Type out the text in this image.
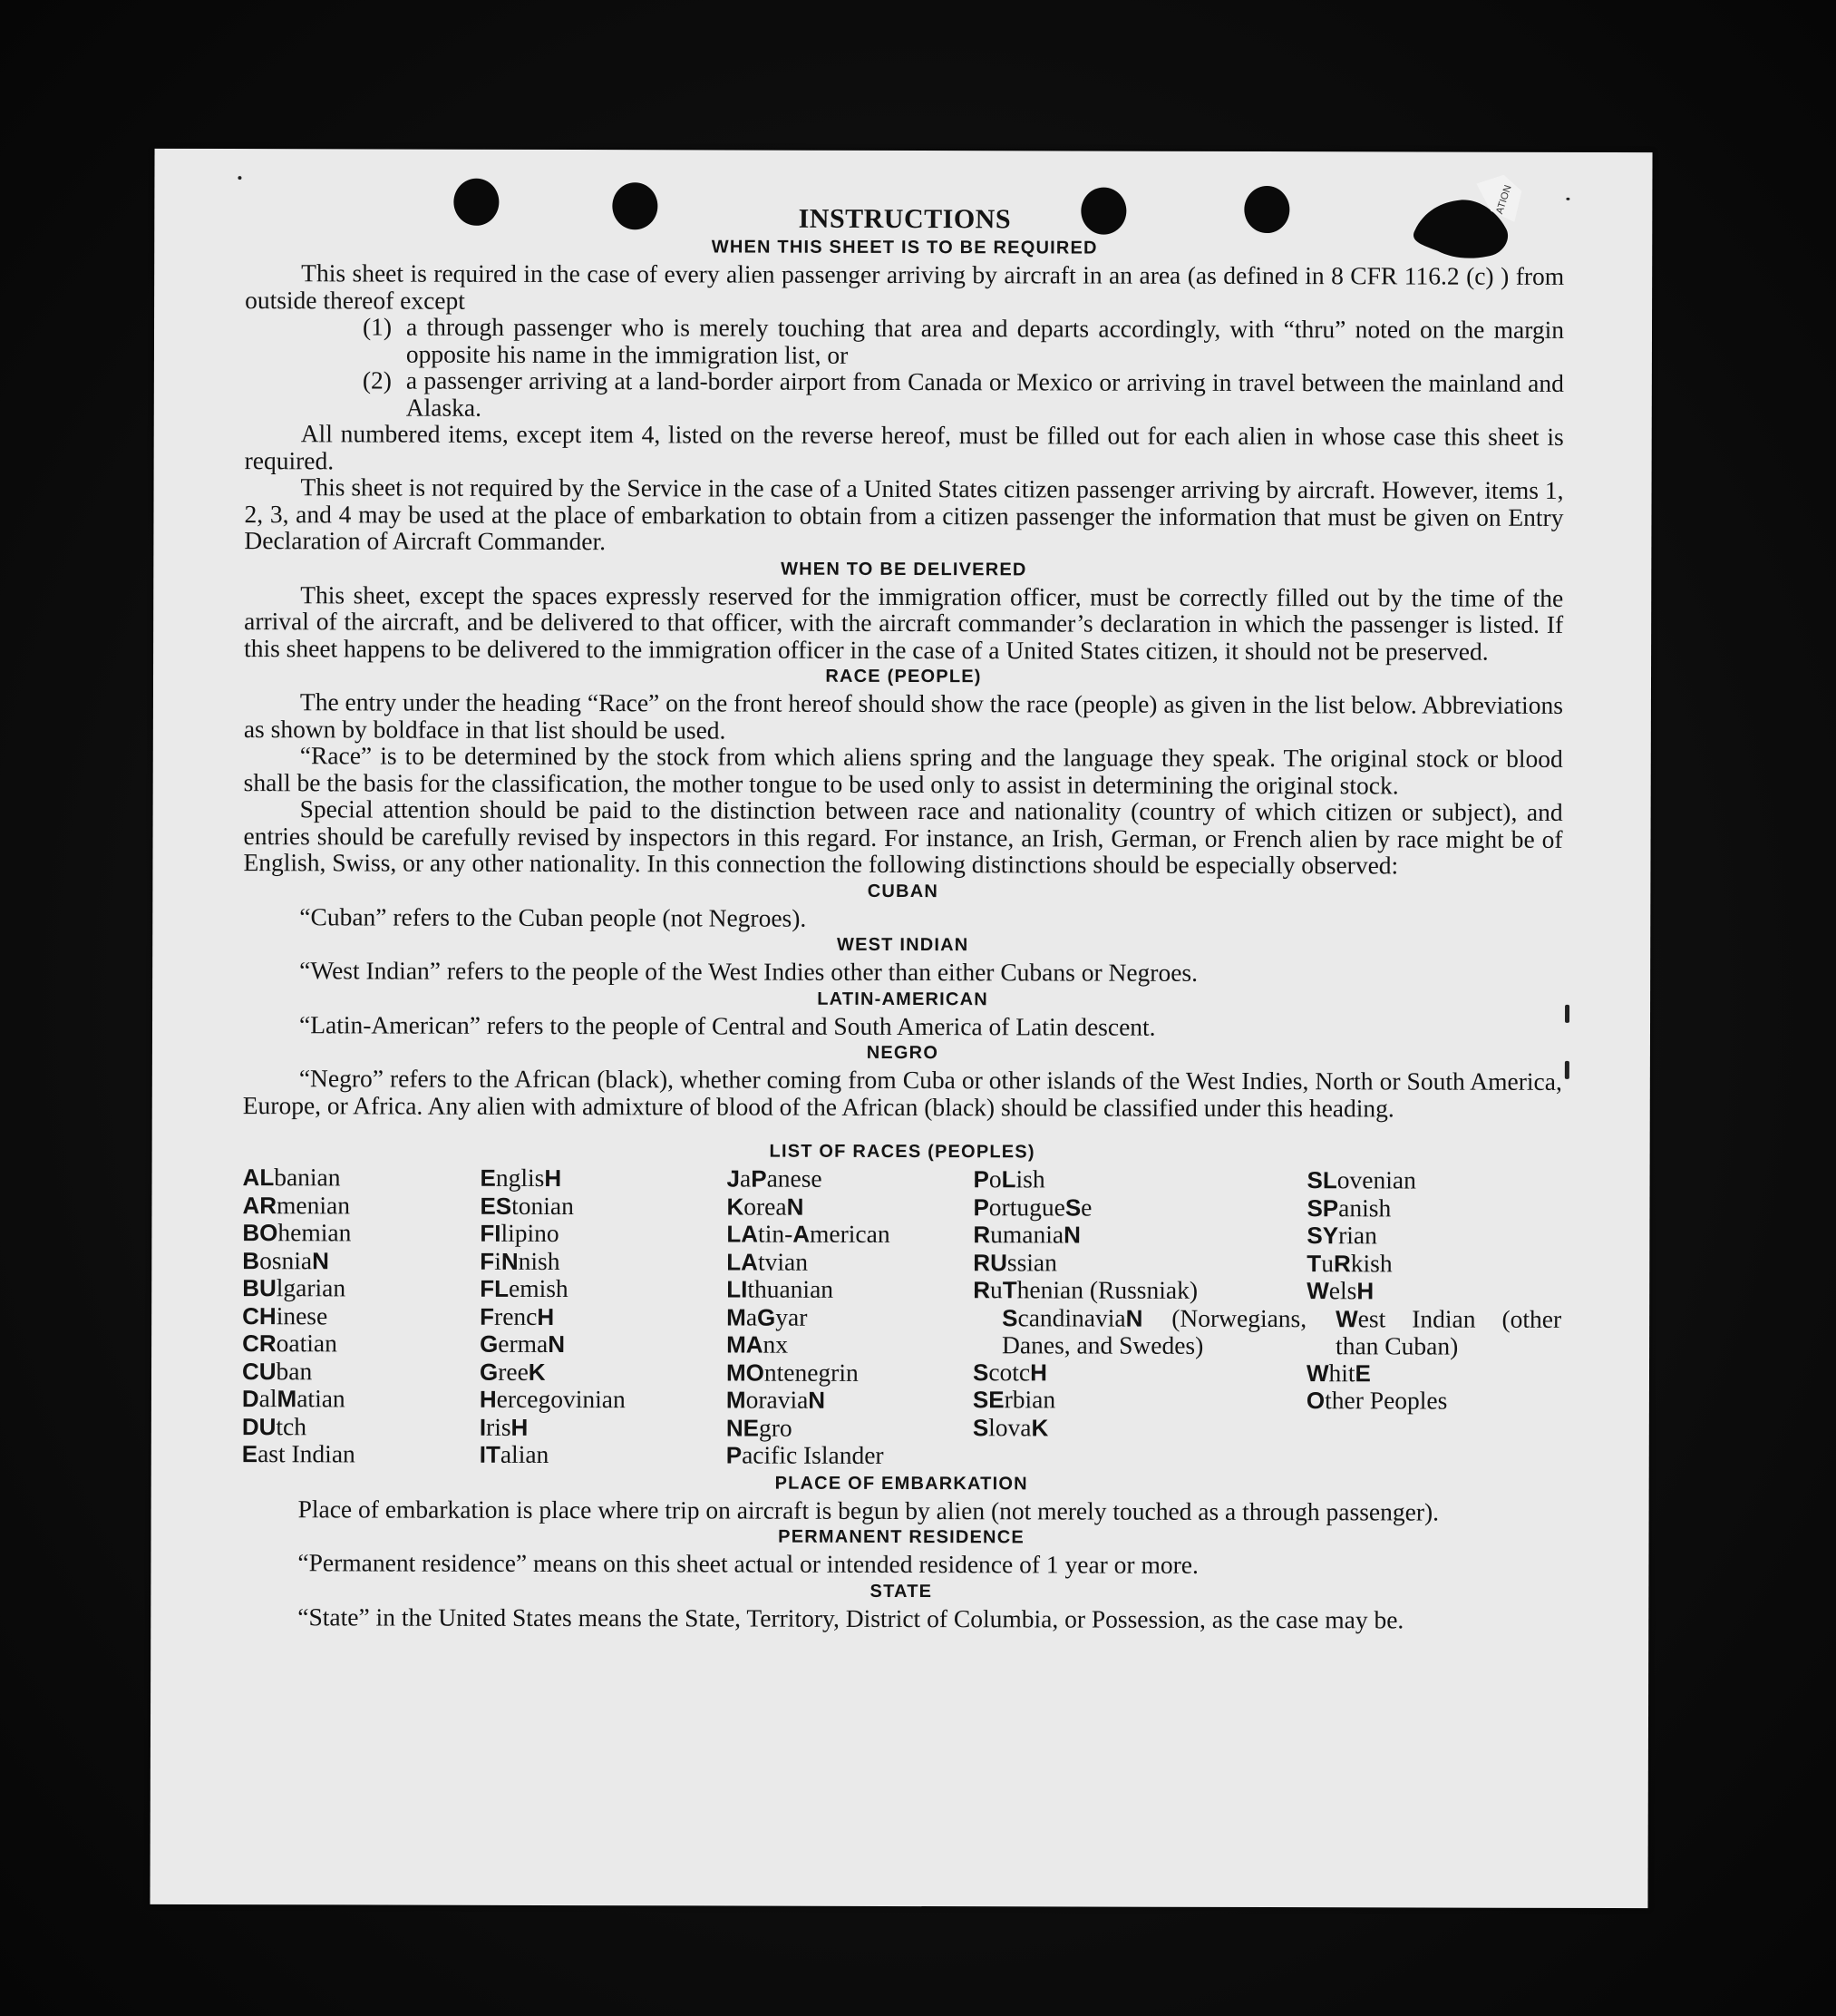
ATION
INSTRUCTIONS
WHEN THIS SHEET IS TO BE REQUIRED

This sheet is required in the case of every alien passenger arriving by aircraft in an area (as defined in 8 CFR 116.2 (c) ) from outside thereof except

(1) a through passenger who is merely touching that area and departs accordingly, with “thru” noted on the margin opposite his name in the immigration list, or
(2) a passenger arriving at a land-border airport from Canada or Mexico or arriving in travel between the mainland and Alaska.

All numbered items, except item 4, listed on the reverse hereof, must be filled out for each alien in whose case this sheet is required.

This sheet is not required by the Service in the case of a United States citizen passenger arriving by aircraft. However, items 1, 2, 3, and 4 may be used at the place of embarkation to obtain from a citizen passenger the information that must be given on Entry Declaration of Aircraft Commander.

WHEN TO BE DELIVERED

This sheet, except the spaces expressly reserved for the immigration officer, must be correctly filled out by the time of the arrival of the aircraft, and be delivered to that officer, with the aircraft commander’s declaration in which the passenger is listed. If this sheet happens to be delivered to the immigration officer in the case of a United States citizen, it should not be preserved.

RACE (PEOPLE)

The entry under the heading “Race” on the front hereof should show the race (people) as given in the list below. Abbreviations as shown by boldface in that list should be used.

“Race” is to be determined by the stock from which aliens spring and the language they speak. The original stock or blood shall be the basis for the classification, the mother tongue to be used only to assist in determining the original stock.

Special attention should be paid to the distinction between race and nationality (country of which citizen or subject), and entries should be carefully revised by inspectors in this regard. For instance, an Irish, German, or French alien by race might be of English, Swiss, or any other nationality. In this connection the following distinctions should be especially observed:

CUBAN

“Cuban” refers to the Cuban people (not Negroes).

WEST INDIAN

“West Indian” refers to the people of the West Indies other than either Cubans or Negroes.

LATIN-AMERICAN

“Latin-American” refers to the people of Central and South America of Latin descent.

NEGRO

“Negro” refers to the African (black), whether coming from Cuba or other islands of the West Indies, North or South America, Europe, or Africa. Any alien with admixture of blood of the African (black) should be classified under this heading.

LIST OF RACES (PEOPLES)
ALbanian
ARmenian
BOhemian
BosniaN
BUlgarian
CHinese
CRoatian
CUban
DalMatian
DUtch
East Indian
EnglisH
EStonian
FIlipino
FiNnish
FLemish
FrencH
GermaN
GreeK
Hercegovinian
IrisH
ITalian
JaPanese
KoreaN
LAtin-American
LAtvian
LIthuanian
MaGyar
MAnx
MOntenegrin
MoraviaN
NEgro
Pacific Islander
PoLish
PortugueSe
RumaniaN
RUssian
RuThenian (Russniak)
ScandinaviaN (Norwegians, Danes, and Swedes)
ScotcH
SErbian
SlovaK
SLovenian
SPanish
SYrian
TuRkish
WelsH
West Indian (other than Cuban)
WhitE
Other Peoples
PLACE OF EMBARKATION

Place of embarkation is place where trip on aircraft is begun by alien (not merely touched as a through passenger).

PERMANENT RESIDENCE

“Permanent residence” means on this sheet actual or intended residence of 1 year or more.

STATE

“State” in the United States means the State, Territory, District of Columbia, or Possession, as the case may be.
